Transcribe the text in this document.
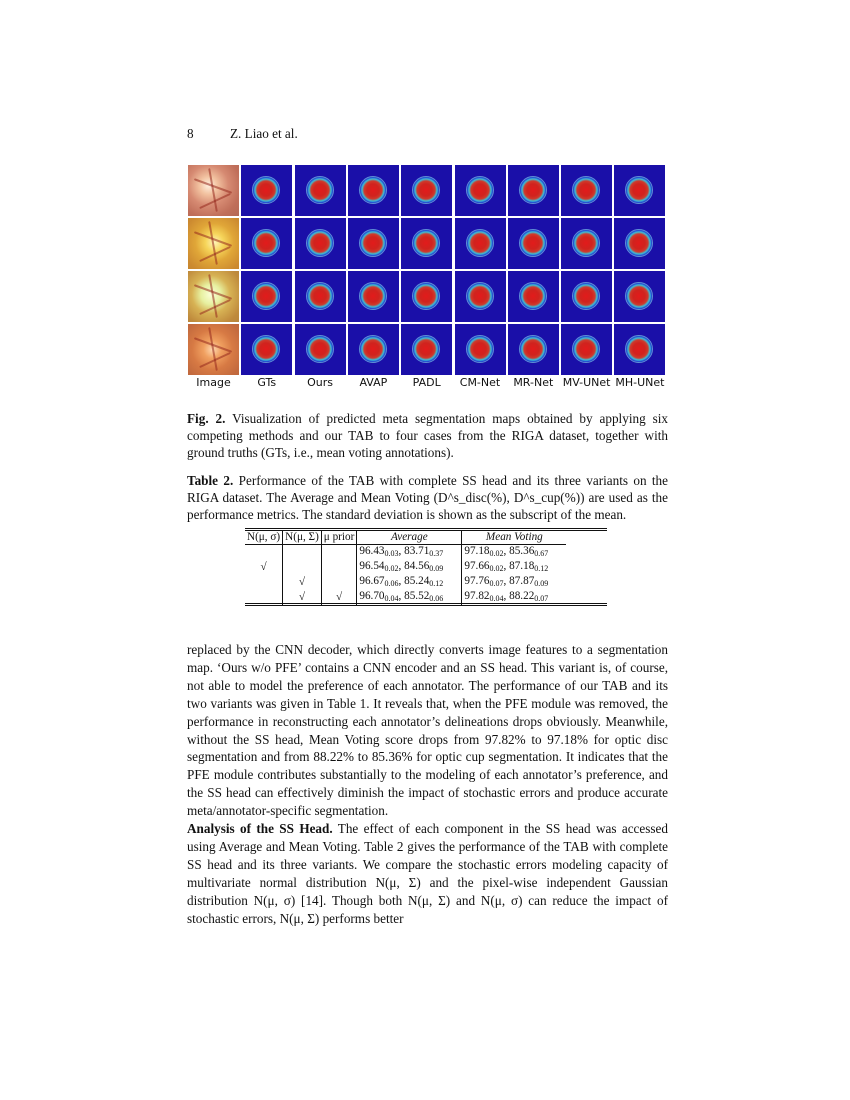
8	Z. Liao et al.
Image	GTs	Ours	AVAP	PADL	CM-Net	MR-Net MV-UNet MH-UNet
Fig. 2. Visualization of predicted meta segmentation maps obtained by applying six competing methods and our TAB to four cases from the RIGA dataset, together with ground truths (GTs, i.e., mean voting annotations).
Table 2. Performance of the TAB with complete SS head and its three variants on the RIGA dataset. The Average and Mean Voting (D^s_disc(%), D^s_cup(%)) are used as the performance metrics. The standard deviation is shown as the subscript of the mean.
N(μ, σ)	N(μ, Σ)	μ prior	Average	Mean Voting
			$96.43_{0.03}$, $83.71_{0.37}$	$97.18_{0.02}$, $85.36_{0.67}$
√			$96.54_{0.02}$, $84.56_{0.09}$	$97.66_{0.02}$, $87.18_{0.12}$
	√		$96.67_{0.06}$, $85.24_{0.12}$	$97.76_{0.07}$, $87.87_{0.09}$
	√	√	$96.70_{0.04}$, $85.52_{0.06}$	$97.82_{0.04}$, $88.22_{0.07}$

replaced by the CNN decoder, which directly converts image features to a segmentation map. ‘Ours w/o PFE’ contains a CNN encoder and an SS head. This variant is, of course, not able to model the preference of each annotator. The performance of our TAB and its two variants was given in Table 1. It reveals that, when the PFE module was removed, the performance in reconstructing each annotator’s delineations drops obviously. Meanwhile, without the SS head, Mean Voting score drops from 97.82% to 97.18% for optic disc segmentation and from 88.22% to 85.36% for optic cup segmentation. It indicates that the PFE module contributes substantially to the modeling of each annotator’s preference, and the SS head can effectively diminish the impact of stochastic errors and produce accurate meta/annotator-specific segmentation.

Analysis of the SS Head. The effect of each component in the SS head was accessed using Average and Mean Voting. Table 2 gives the performance of the TAB with complete SS head and its three variants. We compare the stochastic errors modeling capacity of multivariate normal distribution N(μ, Σ) and the pixel-wise independent Gaussian distribution N(μ, σ) [14]. Though both N(μ, Σ) and N(μ, σ) can reduce the impact of stochastic errors, N(μ, Σ) performs better
